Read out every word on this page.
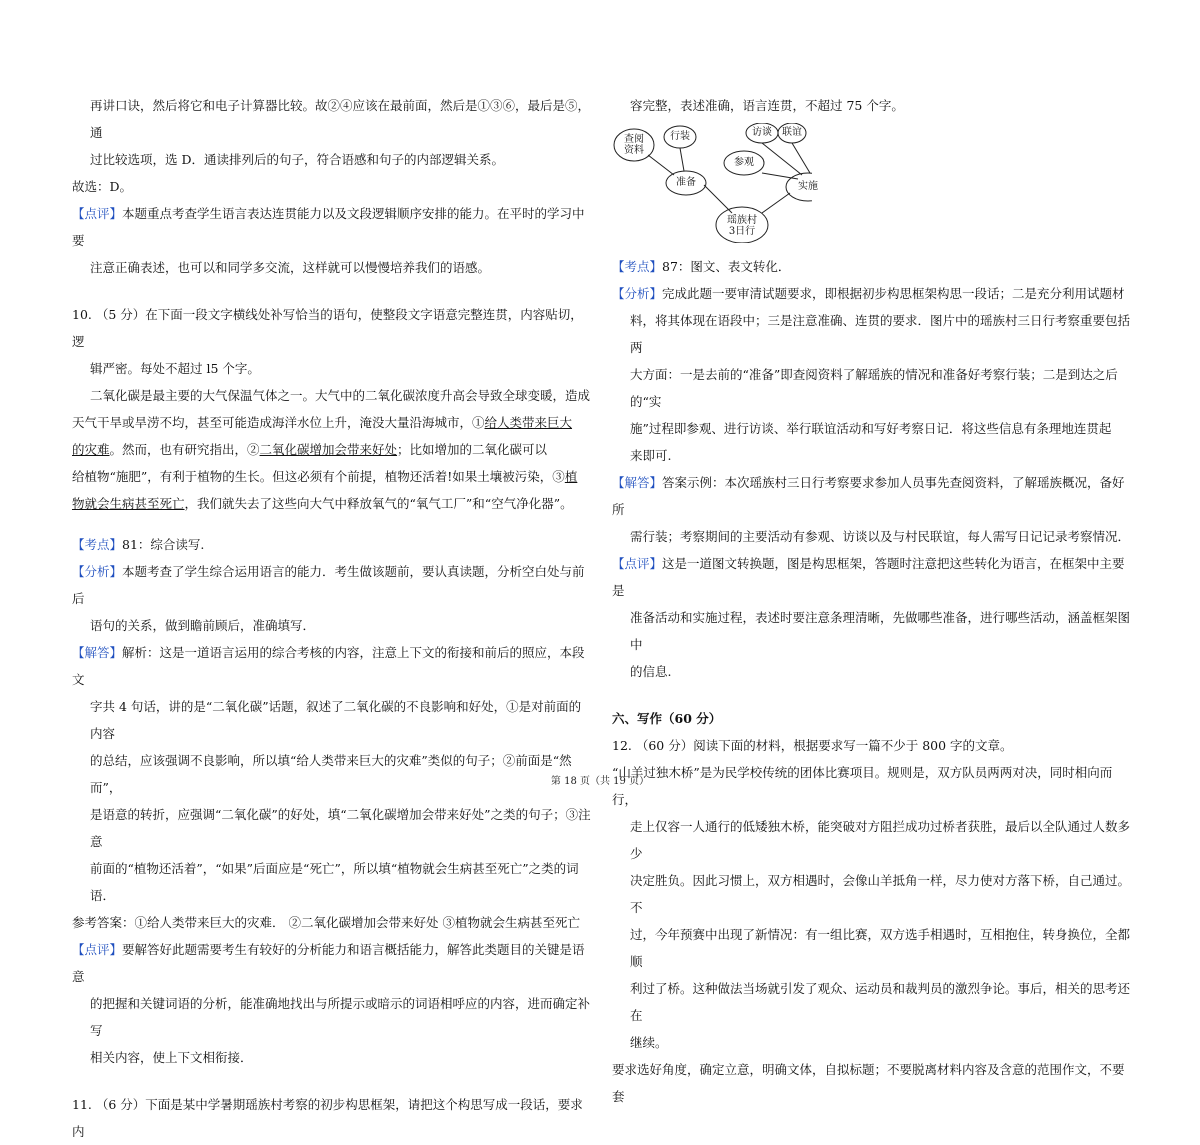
再讲口诀，然后将它和电子计算器比较。故②④应该在最前面，然后是①③⑥，最后是⑤，通

过比较选项，选 D．通读排列后的句子，符合语感和句子的内部逻辑关系。

故选：D。

【点评】本题重点考查学生语言表达连贯能力以及文段逻辑顺序安排的能力。在平时的学习中要

注意正确表述，也可以和同学多交流，这样就可以慢慢培养我们的语感。

10. （5 分）在下面一段文字横线处补写恰当的语句，使整段文字语意完整连贯，内容贴切，逻

辑严密。每处不超过 l5 个字。

二氧化碳是最主要的大气保温气体之一。大气中的二氧化碳浓度升高会导致全球变暖，造成

天气干旱或旱涝不均，甚至可能造成海洋水位上升，淹没大量沿海城市，①给人类带来巨大

的灾难。然而，也有研究指出，②二氧化碳增加会带来好处；比如增加的二氧化碳可以

给植物“施肥”，有利于植物的生长。但这必须有个前提，植物还活着!如果土壤被污染，③植

物就会生病甚至死亡，我们就失去了这些向大气中释放氧气的“氧气工厂”和“空气净化器”。

【考点】81：综合读写.

【分析】本题考查了学生综合运用语言的能力．考生做该题前，要认真读题，分析空白处与前后

语句的关系，做到瞻前顾后，准确填写．

【解答】解析：这是一道语言运用的综合考核的内容，注意上下文的衔接和前后的照应，本段文

字共 4 句话，讲的是“二氧化碳”话题，叙述了二氧化碳的不良影响和好处，①是对前面的内容

的总结，应该强调不良影响，所以填“给人类带来巨大的灾难”类似的句子；②前面是“然而”，

是语意的转折，应强调“二氧化碳”的好处，填“二氧化碳增加会带来好处”之类的句子；③注意

前面的“植物还活着”，“如果”后面应是“死亡”，所以填“植物就会生病甚至死亡”之类的词语．

参考答案：①给人类带来巨大的灾难． ②二氧化碳增加会带来好处 ③植物就会生病甚至死亡

【点评】要解答好此题需要考生有较好的分析能力和语言概括能力，解答此类题目的关键是语意

的把握和关键词语的分析，能准确地找出与所提示或暗示的词语相呼应的内容，进而确定补写

相关内容，使上下文相衔接．

11. （6 分）下面是某中学暑期瑶族村考察的初步构思框架，请把这个构思写成一段话，要求内

容完整，表述准确，语言连贯，不超过 75 个字。

查阅
资料
行装	访谈 联谊
参观
准备	实施
瑶族村
3日行

【考点】87：图文、表文转化．

【分析】完成此题一要审清试题要求，即根据初步构思框架构思一段话；二是充分利用试题材

料，将其体现在语段中；三是注意准确、连贯的要求．图片中的瑶族村三日行考察重要包括两

大方面：一是去前的“准备”即查阅资料了解瑶族的情况和准备好考察行装；二是到达之后的“实

施”过程即参观、进行访谈、举行联谊活动和写好考察日记．将这些信息有条理地连贯起

来即可.

【解答】答案示例：本次瑶族村三日行考察要求参加人员事先查阅资料，了解瑶族概况，备好所

需行装；考察期间的主要活动有参观、访谈以及与村民联谊，每人需写日记记录考察情况．

【点评】这是一道图文转换题，图是构思框架，答题时注意把这些转化为语言，在框架中主要是

准备活动和实施过程，表述时要注意条理清晰，先做哪些准备，进行哪些活动，涵盖框架图中

的信息.

六、写作（60 分）

12. （60 分）阅读下面的材料，根据要求写一篇不少于 800 字的文章。

“山羊过独木桥”是为民学校传统的团体比赛项目。规则是，双方队员两两对决，同时相向而行，

走上仅容一人通行的低矮独木桥，能突破对方阻拦成功过桥者获胜，最后以全队通过人数多少

决定胜负。因此习惯上，双方相遇时，会像山羊抵角一样，尽力使对方落下桥，自己通过。不

过，今年预赛中出现了新情况：有一组比赛，双方选手相遇时，互相抱住，转身换位，全都顺

利过了桥。这种做法当场就引发了观众、运动员和裁判员的激烈争论。事后，相关的思考还在

继续。

要求选好角度，确定立意，明确文体，自拟标题；不要脱离材料内容及含意的范围作文，不要套

第 18 页（共 19 页）
